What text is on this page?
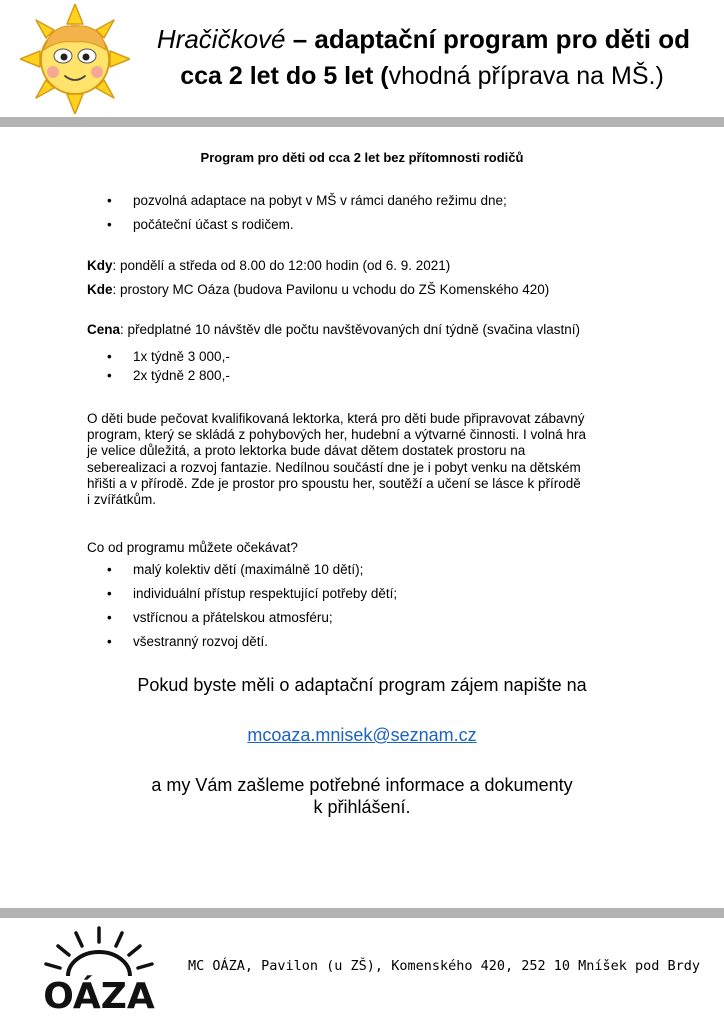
Hračičkové – adaptační program pro děti od
cca 2 let do 5 let (vhodná příprava na MŠ.)
Program pro děti od cca 2 let bez přítomnosti rodičů
• pozvolná adaptace na pobyt v MŠ v rámci daného režimu dne;
• počáteční účast s rodičem.
Kdy: pondělí a středa od 8.00 do 12:00 hodin (od 6. 9. 2021)
Kde: prostory MC Oáza (budova Pavilonu u vchodu do ZŠ Komenského 420)
Cena: předplatné 10 návštěv dle počtu navštěvovaných dní týdně (svačina vlastní)
• 1x týdně 3 000,-
• 2x týdně 2 800,-
O děti bude pečovat kvalifikovaná lektorka, která pro děti bude připravovat zábavný
program, který se skládá z pohybových her, hudební a výtvarné činnosti. I volná hra
je velice důležitá, a proto lektorka bude dávat dětem dostatek prostoru na
seberealizaci a rozvoj fantazie. Nedílnou součástí dne je i pobyt venku na dětském
hřišti a v přírodě. Zde je prostor pro spoustu her, soutěží a učení se lásce k přírodě
i zvířátkům.
Co od programu můžete očekávat?
• malý kolektiv dětí (maximálně 10 dětí);
• individuální přístup respektující potřeby dětí;
• vstřícnou a přátelskou atmosféru;
• všestranný rozvoj dětí.
Pokud byste měli o adaptační program zájem napište na
mcoaza.mnisek@seznam.cz
a my Vám zašleme potřebné informace a dokumenty
k přihlášení.
OÁZA
MC OÁZA, Pavilon (u ZŠ), Komenského 420, 252 10 Mníšek pod Brdy
